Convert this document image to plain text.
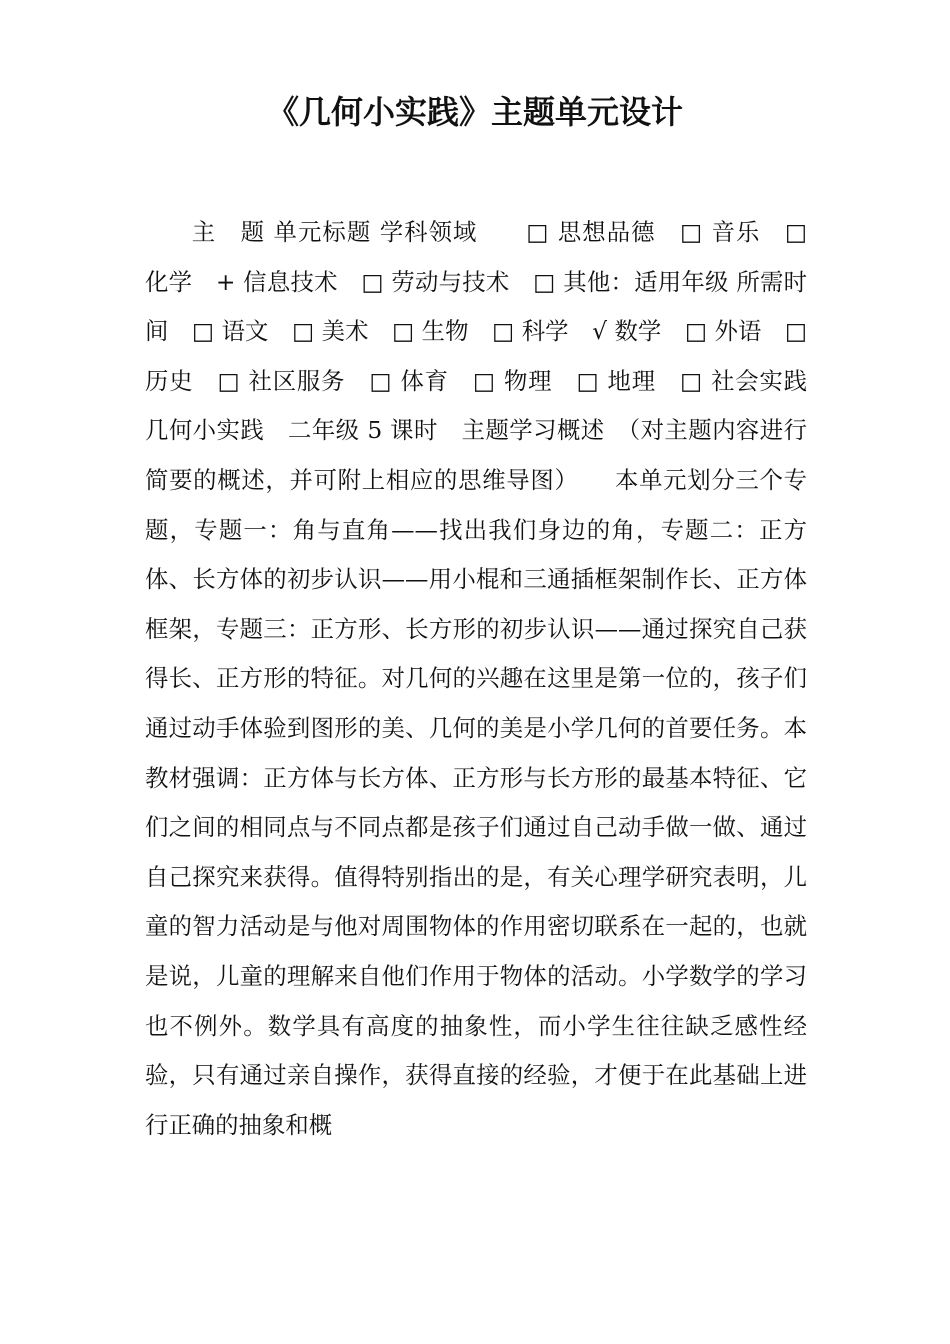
《几何小实践》主题单元设计

主　题 单元标题 学科领域　　□ 思想品德　□ 音乐　□ 化学　+ 信息技术　□ 劳动与技术　□ 其他：适用年级 所需时间　□ 语文　□ 美术　□ 生物　□ 科学　√ 数学　□ 外语　□ 历史　□ 社区服务　□ 体育　□ 物理　□ 地理　□ 社会实践　几何小实践　二年级 5 课时　主题学习概述　（对主题内容进行简要的概述，并可附上相应的思维导图）　　本单元划分三个专题，专题一：角与直角——找出我们身边的角，专题二：正方体、长方体的初步认识——用小棍和三通插框架制作长、正方体框架，专题三：正方形、长方形的初步认识——通过探究自己获得长、正方形的特征。对几何的兴趣在这里是第一位的，孩子们通过动手体验到图形的美、几何的美是小学几何的首要任务。本教材强调：正方体与长方体、正方形与长方形的最基本特征、它们之间的相同点与不同点都是孩子们通过自己动手做一做、通过自己探究来获得。值得特别指出的是，有关心理学研究表明，儿童的智力活动是与他对周围物体的作用密切联系在一起的，也就是说，儿童的理解来自他们作用于物体的活动。小学数学的学习也不例外。数学具有高度的抽象性，而小学生往往缺乏感性经验，只有通过亲自操作，获得直接的经验，才便于在此基础上进行正确的抽象和概
